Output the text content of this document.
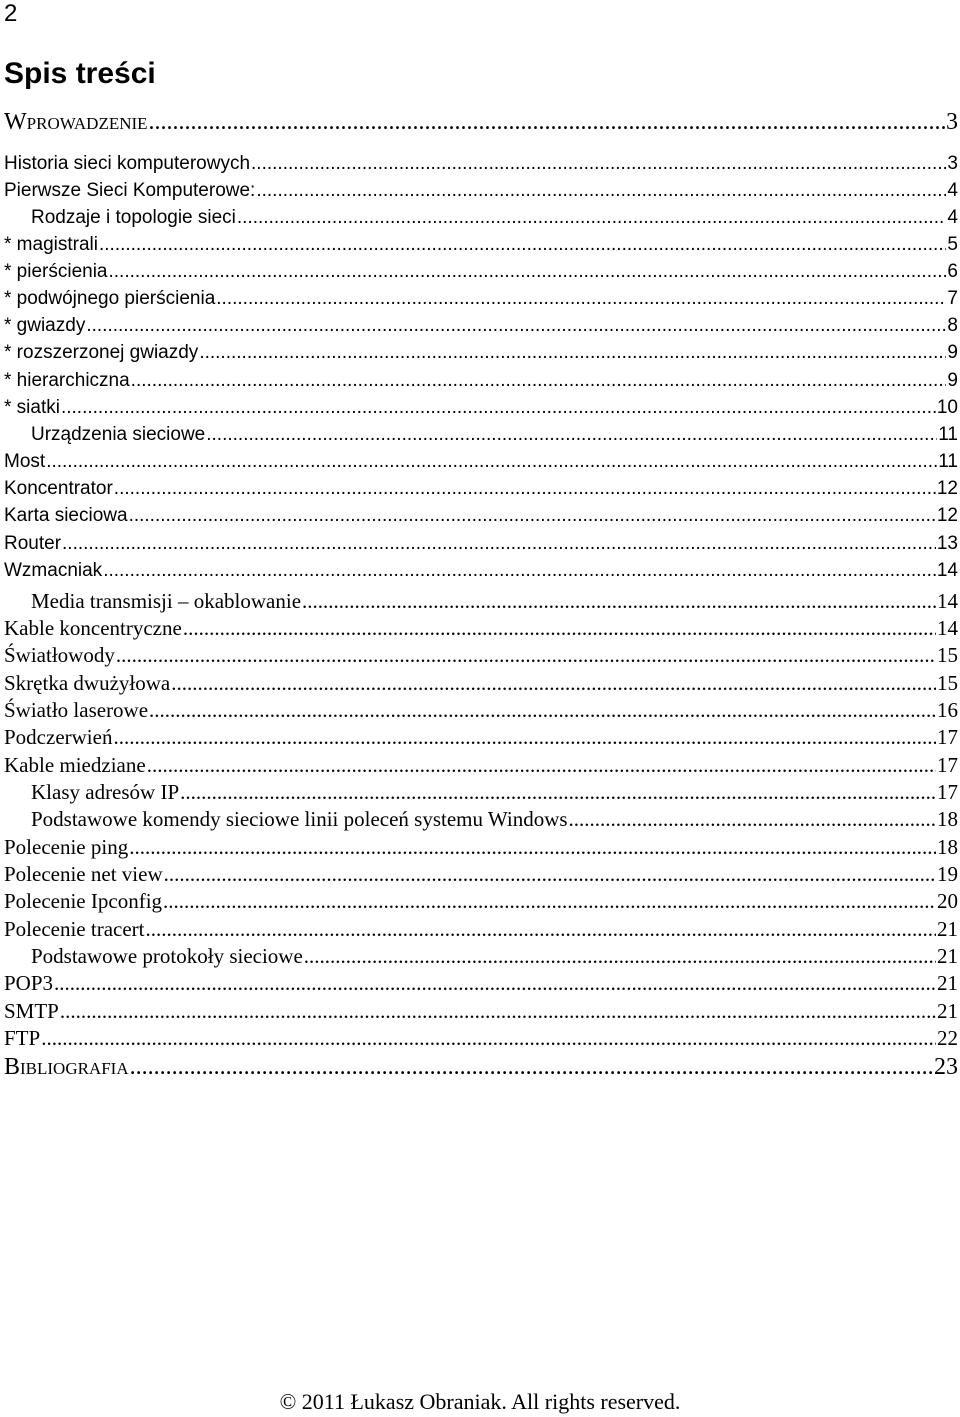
2
Spis treści
Wprowadzenie .....	3
Historia sieci komputerowych .....	3
Pierwsze Sieci Komputerowe: .....	4
Rodzaje i topologie sieci .....	4
* magistrali .....	5
* pierścienia .....	6
* podwójnego pierścienia .....	7
* gwiazdy .....	8
* rozszerzonej gwiazdy .....	9
* hierarchiczna .....	9
* siatki .....	10
Urządzenia sieciowe .....	11
Most .....	11
Koncentrator .....	12
Karta sieciowa .....	12
Router .....	13
Wzmacniak .....	14
Media transmisji – okablowanie .....	14
Kable koncentryczne .....	14
Światłowody .....	15
Skrętka dwużyłowa .....	15
Światło laserowe .....	16
Podczerwień .....	17
Kable miedziane .....	17
Klasy adresów IP .....	17
Podstawowe komendy sieciowe linii poleceń systemu Windows .....	18
Polecenie ping .....	18
Polecenie net view .....	19
Polecenie Ipconfig .....	20
Polecenie tracert .....	21
Podstawowe protokoły sieciowe .....	21
POP3 .....	21
SMTP .....	21
FTP .....	22
Bibliografia .....	23
© 2011 Łukasz Obraniak. All rights reserved.
